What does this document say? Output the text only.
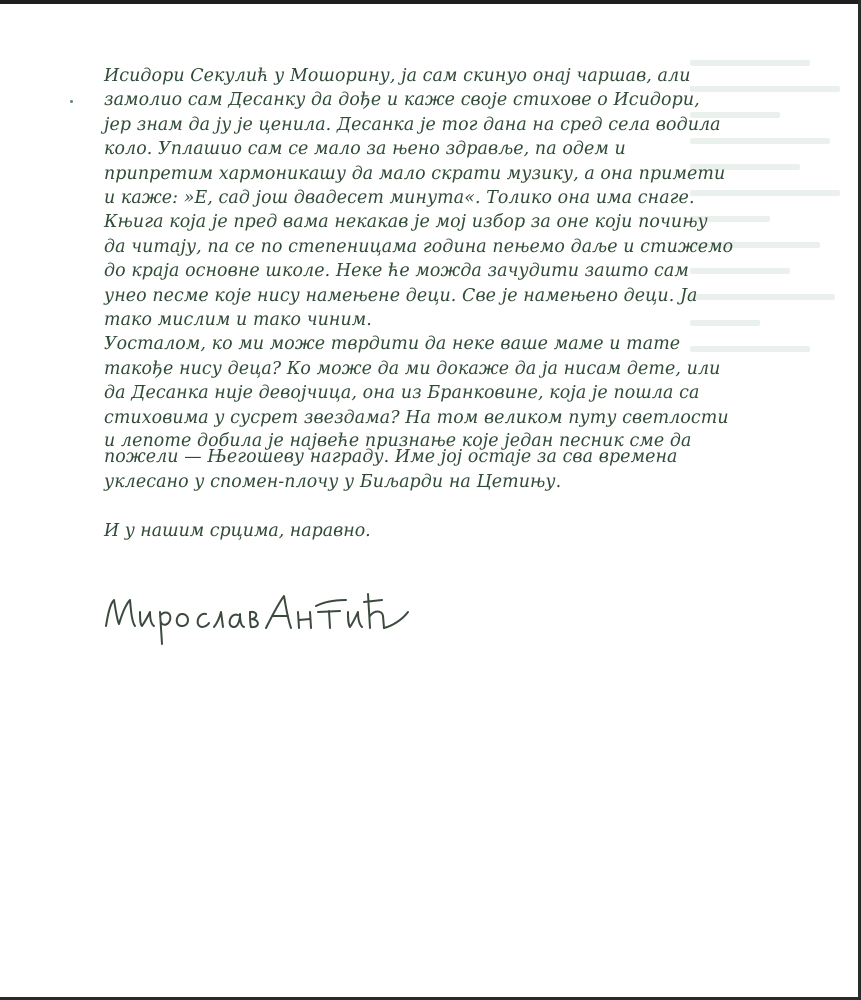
Исидори Секулић у Мошорину, ја сам скинуо онај чаршав, али
замолио сам Десанку да дође и каже своје стихове о Исидори,
јер знам да ју је ценила. Десанка је тог дана на сред села водила
коло. Уплашио сам се мало за њено здравље, па одем и
припретим хармоникашу да мало скрати музику, а она примети
и каже: »Е, сад још двадесет минута«. Толико она има снаге.
Књига која је пред вама некакав је мој избор за оне који почињу
да читају, па се по степеницама година пењемо даље и стижемо
до краја основне школе. Неке ће можда зачудити зашто сам
унео песме које нису намењене деци. Све је намењено деци. Ја
тако мислим и тако чиним.
Уосталом, ко ми може тврдити да неке ваше маме и тате
такође нису деца? Ко може да ми докаже да ја нисам дете, или
да Десанка није девојчица, она из Бранковине, која је пошла са
стиховима у сусрет звездама? На том великом путу светлости
и лепоте добила је највеће признање које један песник сме да
пожели — Његошеву награду. Име јој остаје за сва времена
уклесано у спомен-плочу у Биљарди на Цетињу.
И у нашим срцима, наравно.
